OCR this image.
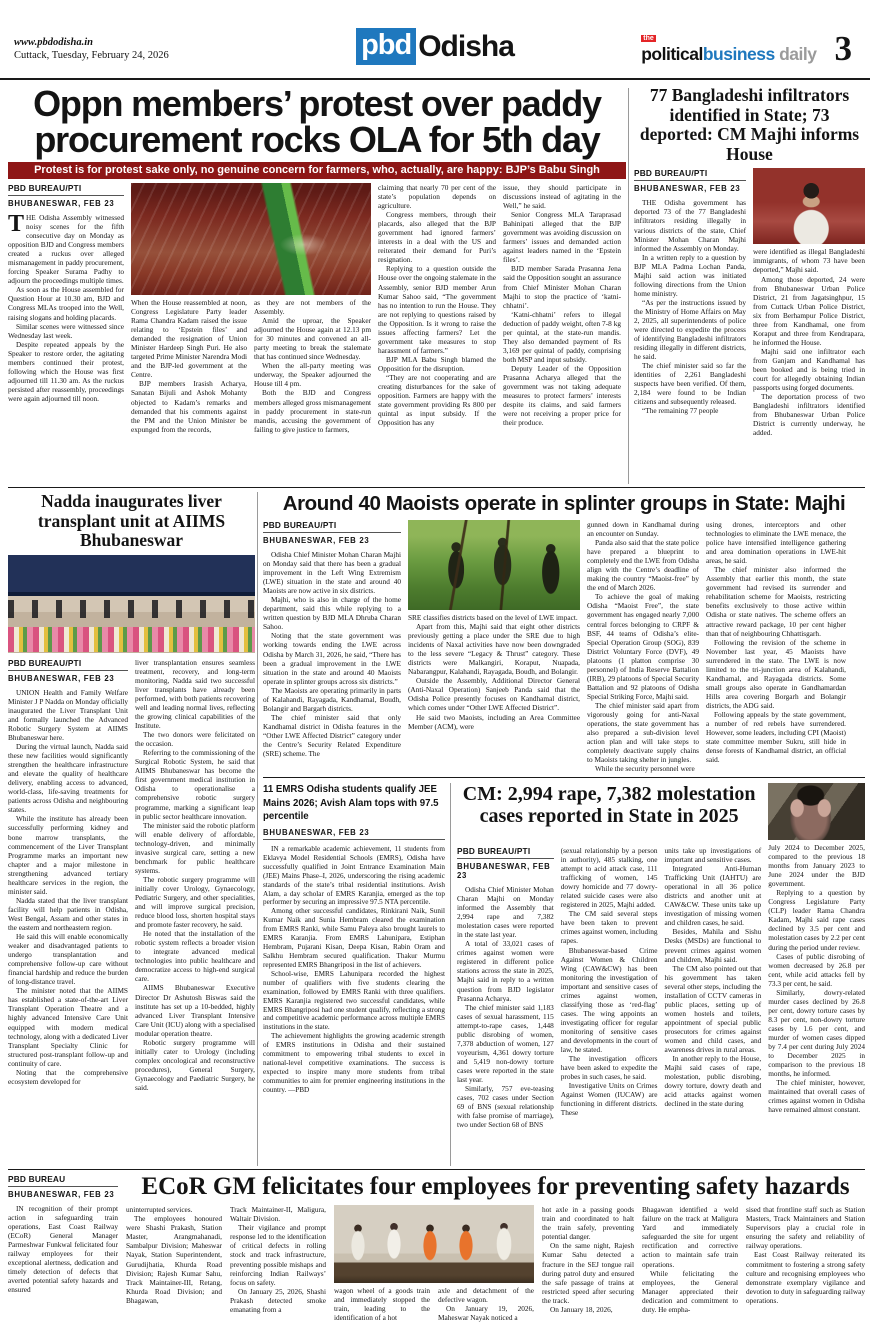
www.pbdodisha.in
Cuttack, Tuesday, February 24, 2026	pbd Odisha	the
politicalbusiness daily 3
Oppn members’ protest over paddy procurement rocks OLA for 5th day
Protest is for protest sake only, no genuine concern for farmers, who, actually, are happy: BJP’s Babu Singh
PBD BUREAU/PTI
BHUBANESWAR, FEB 23

THE Odisha Assembly witnessed noisy scenes for the fifth consecutive day on Monday as opposition BJD and Congress members created a ruckus over alleged mismanagement in paddy procurement, forcing Speaker Surama Padhy to adjourn the proceedings multiple times.

As soon as the House assembled for Question Hour at 10.30 am, BJD and Congress MLAs trooped into the Well, raising slogans and holding placards.

Similar scenes were witnessed since Wednesday last week.

Despite repeated appeals by the Speaker to restore order, the agitating members continued their protest, following which the House was first adjourned till 11.30 am. As the ruckus persisted after reassembly, proceedings were again adjourned till noon.

When the House reassembled at noon, Congress Legislature Party leader Rama Chandra Kadam raised the issue relating to ‘Epstein files’ and demanded the resignation of Union Minister Hardeep Singh Puri. He also targeted Prime Minister Narendra Modi and the BJP-led government at the Centre.

BJP members Irasish Acharya, Sanatan Bijuli and Ashok Mohanty objected to Kadam’s remarks and demanded that his comments against the PM and the Union Minister be expunged from the records,

as they are not members of the Assembly.

Amid the uproar, the Speaker adjourned the House again at 12.13 pm for 30 minutes and convened an all-party meeting to break the stalemate that has continued since Wednesday.

When the all-party meeting was underway, the Speaker adjourned the House till 4 pm.

Both the BJD and Congress members alleged gross mismanagement in paddy procurement in state-run mandis, accusing the government of failing to give justice to farmers,

claiming that nearly 70 per cent of the state’s population depends on agriculture.

Congress members, through their placards, also alleged that the BJP government had ignored farmers’ interests in a deal with the US and reiterated their demand for Puri’s resignation.

Replying to a question outside the House over the ongoing stalemate in the Assembly, senior BJD member Arun Kumar Sahoo said, “The government has no intention to run the House. They are not replying to questions raised by the Opposition. Is it wrong to raise the issues affecting farmers? Let the government take measures to stop harassment of farmers.”

BJP MLA Babu Singh blamed the Opposition for the disruption.

“They are not cooperating and are creating disturbances for the sake of opposition. Farmers are happy with the state government providing Rs 800 per quintal as input subsidy. If the Opposition has any

issue, they should participate in discussions instead of agitating in the Well,” he said.

Senior Congress MLA Taraprasad Bahinipati alleged that the BJP government was avoiding discussion on farmers’ issues and demanded action against leaders named in the ‘Epstein files’.

BJD member Sarada Prasanna Jena said the Opposition sought an assurance from Chief Minister Mohan Charan Majhi to stop the practice of ‘katni-chhatni’.

‘Katni-chhatni’ refers to illegal deduction of paddy weight, often 7-8 kg per quintal, at the state-run mandis. They also demanded payment of Rs 3,169 per quintal of paddy, comprising both MSP and input subsidy.

Deputy Leader of the Opposition Prasanna Acharya alleged that the government was not taking adequate measures to protect farmers’ interests despite its claims, and said farmers were not receiving a proper price for their produce.

77 Bangladeshi infiltrators identified in State; 73 deported: CM Majhi informs House
PBD BUREAU/PTI
BHUBANESWAR, FEB 23

THE Odisha government has deported 73 of the 77 Bangladeshi infiltrators residing illegally in various districts of the state, Chief Minister Mohan Charan Majhi informed the Assembly on Monday.

In a written reply to a question by BJP MLA Padma Lochan Panda, Majhi said action was initiated following directions from the Union home ministry.

“As per the instructions issued by the Ministry of Home Affairs on May 2, 2025, all superintendents of police were directed to expedite the process of identifying Bangladeshi infiltrators residing illegally in different districts, he said.

The chief minister said so far the identities of 2,261 Bangladeshi suspects have been verified. Of them, 2,184 were found to be Indian citizens and subsequently released.

“The remaining 77 people

were identified as illegal Bangladeshi immigrants, of whom 73 have been deported,” Majhi said.

Among those deported, 24 were from Bhubaneswar Urban Police District, 21 from Jagatsinghpur, 15 from Cuttack Urban Police District, six from Berhampur Police District, three from Kandhamal, one from Koraput and three from Kendrapara, he informed the House.

Majhi said one infiltrator each from Ganjam and Kandhamal has been booked and is being tried in court for allegedly obtaining Indian passports using forged documents.

The deportation process of two Bangladeshi infiltrators identified from Bhubaneswar Urban Police District is currently underway, he added.

Nadda inaugurates liver transplant unit at AIIMS Bhubaneswar
PBD BUREAU/PTI
BHUBANESWAR, FEB 23

UNION Health and Family Welfare Minister J P Nadda on Monday officially inaugurated the Liver Transplant Unit and formally launched the Advanced Robotic Surgery System at AIIMS Bhubaneswar here.

During the virtual launch, Nadda said these new facilities would significantly strengthen the healthcare infrastructure and elevate the quality of healthcare delivery, enabling access to advanced, world-class, life-saving treatments for patients across Odisha and neighbouring states.

While the institute has already been successfully performing kidney and bone marrow transplants, the commencement of the Liver Transplant Programme marks an important new chapter and a major milestone in strengthening advanced tertiary healthcare services in the region, the minister said.

Nadda stated that the liver transplant facility will help patients in Odisha, West Bengal, Assam and other states in the eastern and northeastern region.

He said this will enable economically weaker and disadvantaged patients to undergo transplantation and comprehensive follow-up care without financial hardship and reduce the burden of long-distance travel.

The minister noted that the AIIMS has established a state-of-the-art Liver Transplant Operation Theatre and a highly advanced Intensive Care Unit equipped with modern medical technology, along with a dedicated Liver Transplant Specialty Clinic for structured post-transplant follow-up and continuity of care.

Noting that the comprehensive ecosystem developed for

liver transplantation ensures seamless treatment, recovery, and long-term monitoring, Nadda said two successful liver transplants have already been performed, with both patients recovering well and leading normal lives, reflecting the growing clinical capabilities of the Institute.

The two donors were felicitated on the occasion.

Referring to the commissioning of the Surgical Robotic System, he said that AIIMS Bhubaneswar has become the first government medical institution in Odisha to operationalise a comprehensive robotic surgery programme, marking a significant leap in public sector healthcare innovation.

The minister said the robotic platform will enable delivery of affordable, technology-driven, and minimally invasive surgical care, setting a new benchmark for public healthcare systems.

The robotic surgery programme will initially cover Urology, Gynaecology, Pediatric Surgery, and other specialities, and will improve surgical precision, reduce blood loss, shorten hospital stays and promote faster recovery, he said.

He noted that the installation of the robotic system reflects a broader vision to integrate advanced medical technologies into public healthcare and democratize access to high-end surgical care.

AIIMS Bhubaneswar Executive Director Dr Ashutosh Biswas said the institute has set up a 10-bedded, highly advanced Liver Transplant Intensive Care Unit (ICU) along with a specialised modular operation theatre.

Robotic surgery programme will initially cater to Urology (including complex oncological and reconstructive procedures), General Surgery, Gynaecology and Paediatric Surgery, he said.

Around 40 Maoists operate in splinter groups in State: Majhi
PBD BUREAU/PTI
BHUBANESWAR, FEB 23

Odisha Chief Minister Mohan Charan Majhi on Monday said that there has been a gradual improvement in the Left Wing Extremism (LWE) situation in the state and around 40 Maoists are now active in six districts.

Majhi, who is also in charge of the home department, said this while replying to a written question by BJD MLA Dhruba Charan Sahoo.

Noting that the state government was working towards ending the LWE across Odisha by March 31, 2026, he said, “There has been a gradual improvement in the LWE situation in the state and around 40 Maoists operate in splinter groups across six districts.”

The Maoists are operating primarily in parts of Kalahandi, Rayagada, Kandhamal, Boudh, Bolangir and Bargarh districts.

The chief minister said that only Kandhamal district in Odisha features in the “Other LWE Affected District” category under the Centre’s Security Related Expenditure (SRE) scheme. The

SRE classifies districts based on the level of LWE impact.

Apart from this, Majhi said that eight other districts previously getting a place under the SRE due to high incidents of Naxal activities have now been downgraded to the less severe “Legacy & Thrust” category. These districts were Malkangiri, Koraput, Nuapada, Nabarangpur, Kalahandi, Rayagada, Boudh, and Bolangir.

Outside the Assembly, Additional Director General (Anti-Naxal Operation) Sanjeeb Panda said that the Odisha Police presently focuses on Kandhamal district, which comes under “Other LWE Affected District”.

He said two Maoists, including an Area Committee Member (ACM), were

gunned down in Kandhamal during an encounter on Sunday.

Panda also said that the state police have prepared a blueprint to completely end the LWE from Odisha align with the Centre’s deadline of making the country “Maoist-free” by the end of March 2026.

To achieve the goal of making Odisha “Maoist Free”, the state government has engaged nearly 7,000 central forces belonging to CRPF & BSF, 44 teams of Odisha’s elite-Special Operation Group (SOG), 839 District Voluntary Force (DVF), 49 platoons (1 platton comprise 30 personnel) of India Reserve Battalion (IRB), 29 platoons of Special Security Battalion and 92 platoons of Odisha Special Striking Force, Majhi said.

The chief minister said apart from vigorously going for anti-Naxal operations, the state government has also prepared a sub-division level action plan and will take steps to completely deactivate supply chains to Maoists taking shelter in jungles.

While the security personnel were

using drones, interceptors and other technologies to eliminate the LWE menace, the police have intensified intelligence gathering and area domination operations in LWE-hit areas, he said.

The chief minister also informed the Assembly that earlier this month, the state government had revised its surrender and rehabilitation scheme for Maoists, restricting benefits exclusively to those active within Odisha or state natives. The scheme offers an attractive reward package, 10 per cent higher than that of neighbouring Chhattisgarh.

Following the revision of the scheme in November last year, 45 Maoists have surrendered in the state. The LWE is now limited to the tri-junction area of Kalahandi, Kandhamal, and Rayagada districts. Some small groups also operate in Gandhamardan Hills area covering Borgarh and Bolangir districts, the ADG said.

Following appeals by the state government, a number of red rebels have surrendered. However, some leaders, including CPI (Maoist) state committee member Sukru, still hide in dense forests of Kandhamal district, an official said.

11 EMRS Odisha students qualify JEE Mains 2026; Avish Alam tops with 97.5 percentile
BHUBANESWAR, FEB 23

IN a remarkable academic achievement, 11 students from Eklavya Model Residential Schools (EMRS), Odisha have successfully qualified in Joint Entrance Examination Main (JEE) Mains Phase–I, 2026, underscoring the rising academic standards of the state’s tribal residential institutions. Avish Alam, a day scholar of EMRS Karanjia, emerged as the top performer by securing an impressive 97.5 NTA percentile.

Among other successful candidates, Rinkirani Naik, Sunil Kumar Naik and Sunia Hembram cleared the examination from EMRS Ranki, while Samu Paleya also brought laurels to EMRS Karanjia. From EMRS Lahunipara, Estiphan Hembram, Pujarani Kisan, Deepa Kisan, Rabin Oram and Salkhu Hembram secured qualification. Thakur Murmu represented EMRS Bhangriposi in the list of achievers.

School-wise, EMRS Lahunipara recorded the highest number of qualifiers with five students clearing the examination, followed by EMRS Ranki with three qualifiers. EMRS Karanjia registered two successful candidates, while EMRS Bhangriposi had one student qualify, reflecting a strong and competitive academic performance across multiple EMRS institutions in the state.

The achievement highlights the growing academic strength of EMRS institutions in Odisha and their sustained commitment to empowering tribal students to excel in national-level competitive examinations. The success is expected to inspire many more students from tribal communities to aim for premier engineering institutions in the country. —PBD

CM: 2,994 rape, 7,382 molestation cases reported in State in 2025
PBD BUREAU/PTI
BHUBANESWAR, FEB 23

Odisha Chief Minister Mohan Charan Majhi on Monday informed the Assembly that 2,994 rape and 7,382 molestation cases were reported in the state last year.

A total of 33,021 cases of crimes against women were registered in different police stations across the state in 2025, Majhi said in reply to a written question from BJD legislator Prasanna Acharya.

The chief minister said 1,183 cases of sexual harassment, 115 attempt-to-rape cases, 1,448 public disrobing of women, 7,378 abduction of women, 127 voyeurism, 4,361 dowry torture and 5,419 non-dowry torture cases were reported in the state last year.

Similarly, 757 eve-teasing cases, 702 cases under Section 69 of BNS (sexual relationship with false promise of marriage), two under Section 68 of BNS

(sexual relationship by a person in authority), 485 stalking, one attempt to acid attack case, 111 trafficking of women, 145 dowry homicide and 77 dowry-related suicide cases were also registered in 2025, Majhi added.

The CM said several steps have been taken to prevent crimes against women, including rapes.

Bhubaneswar-based Crime Against Women & Children Wing (CAW&CW) has been monitoring the investigation of important and sensitive cases of crimes against women, classifying those as ‘red-flag’ cases. The wing appoints an investigating officer for regular monitoring of sensitive cases and developments in the court of law, he stated.

The investigation officers have been asked to expedite the probes in such cases, he said.

Investigative Units on Crimes Against Women (IUCAW) are functioning in different districts. These

units take up investigations of important and sensitive cases.

Integrated Anti-Human Trafficking Unit (IAHTU) are operational in all 36 police districts and another unit at CAW&CW. These units take up investigation of missing women and children cases, he said.

Besides, Mahila and Sishu Desks (MSDs) are functional to prevent crimes against women and children, Majhi said.

The CM also pointed out that his government has taken several other steps, including the installation of CCTV cameras in public places, setting up of women hostels and toilets, appointment of special public prosecutors for crimes against women and child cases, and awareness drives in rural areas.

In another reply to the House, Majhi said cases of rape, molestation, public disrobing, dowry torture, dowry death and acid attacks against women declined in the state during

July 2024 to December 2025, compared to the previous 18 months from January 2023 to June 2024 under the BJD government.

Replying to a question by Congress Legislature Party (CLP) leader Rama Chandra Kadam, Majhi said rape cases declined by 3.5 per cent and molestation cases by 2.2 per cent during the period under review.

Cases of public disrobing of women decreased by 26.8 per cent, while acid attacks fell by 73.3 per cent, he said.

Similarly, dowry-related murder cases declined by 26.8 per cent, dowry torture cases by 8.3 per cent, non-dowry torture cases by 1.6 per cent, and murder of women cases dipped by 7.4 per cent during July 2024 to December 2025 in comparison to the previous 18 months, he informed.

The chief minister, however, maintained that overall cases of crimes against women in Odisha have remained almost constant.

PBD BUREAU
BHUBANESWAR, FEB 23

IN recognition of their prompt action in safeguarding train operations, East Coast Railway (ECoR) General Manager Parmeshwar Funkwal felicitated four railway employees for their exceptional alertness, dedication and timely detection of defects that averted potential safety hazards and ensured

ECoR GM felicitates four employees for preventing safety hazards

uninterrupted services.

The employees honoured were Shashi Prakash, Station Master, Arangmahanadi, Sambalpur Division; Maheswar Nayak, Station Superintendent, Gurudijhatia, Khurda Road Division; Rajesh Kumar Sahu, Track Maintainer-III, Retang, Khurda Road Division; and Bhagawan,

Track Maintainer-II, Maligura, Waltair Division.

Their vigilance and prompt response led to the identification of critical defects in rolling stock and track infrastructure, preventing possible mishaps and reinforcing Indian Railways’ focus on safety.

On January 25, 2026, Shashi Prakash detected smoke emanating from a

wagon wheel of a goods train and immediately stopped the train, leading to the identification of a hot

axle and detachment of the defective wagon.

On January 19, 2026, Maheswar Nayak noticed a

hot axle in a passing goods train and coordinated to halt the train safely, preventing potential danger.

On the same night, Rajesh Kumar Sahu detected a fracture in the SEJ tongue rail during patrol duty and ensured the safe passage of trains at restricted speed after securing the track.

On January 18, 2026,

Bhagawan identified a weld failure on the track at Maligura Yard and immediately safeguarded the site for urgent rectification and corrective action to maintain safe train operations.

While felicitating the employees, the General Manager appreciated their dedication and commitment to duty. He empha-

sised that frontline staff such as Station Masters, Track Maintainers and Station Supervisors play a crucial role in ensuring the safety and reliability of railway operations.

East Coast Railway reiterated its commitment to fostering a strong safety culture and recognising employees who demonstrate exemplary vigilance and devotion to duty in safeguarding railway operations.
